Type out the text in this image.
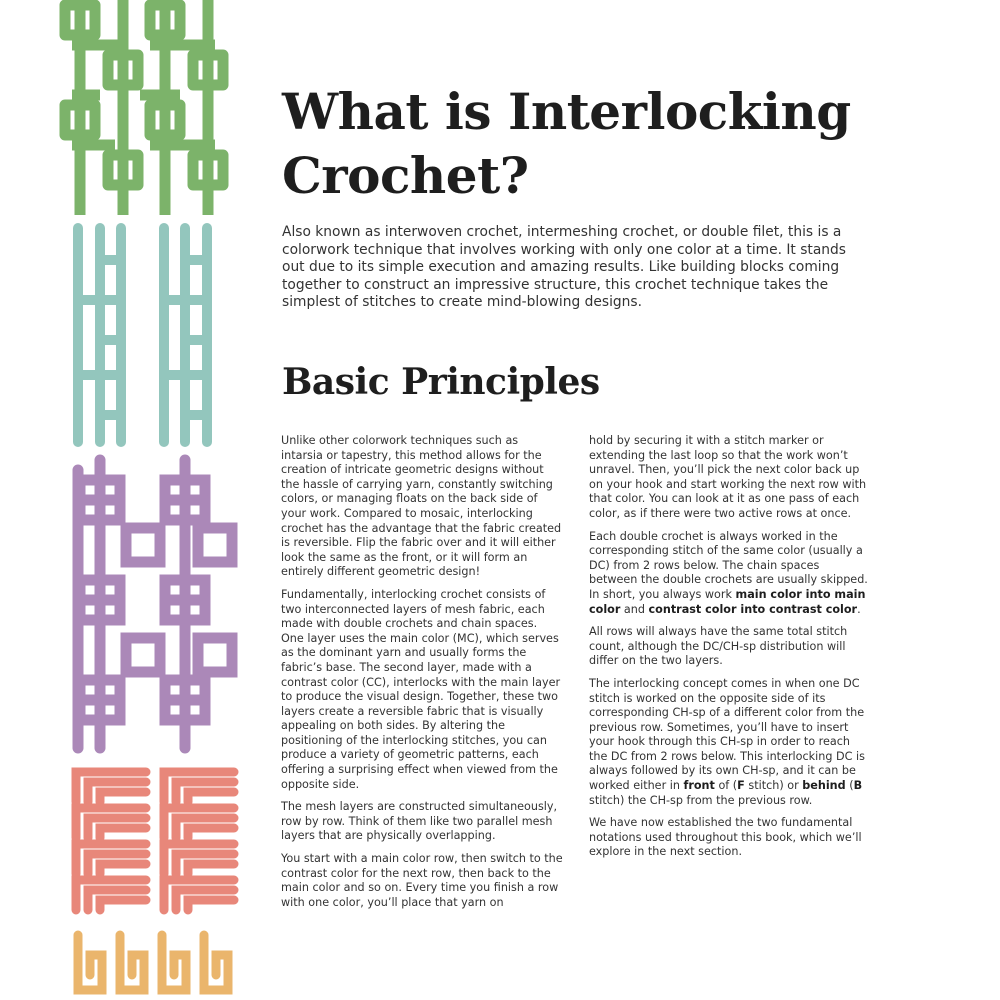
What is Interlocking Crochet?

Also known as interwoven crochet, intermeshing crochet, or double filet, this is a colorwork technique that involves working with only one color at a time. It stands out due to its simple execution and amazing results. Like building blocks coming together to construct an impressive structure, this crochet technique takes the simplest of stitches to create mind-blowing designs.

Basic Principles

Unlike other colorwork techniques such as intarsia or tapestry, this method allows for the creation of intricate geometric designs without the hassle of carrying yarn, constantly switching colors, or managing floats on the back side of your work. Compared to mosaic, interlocking crochet has the advantage that the fabric created is reversible. Flip the fabric over and it will either look the same as the front, or it will form an entirely different geometric design!

Fundamentally, interlocking crochet consists of two interconnected layers of mesh fabric, each made with double crochets and chain spaces. One layer uses the main color (MC), which serves as the dominant yarn and usually forms the fabric’s base. The second layer, made with a contrast color (CC), interlocks with the main layer to produce the visual design. Together, these two layers create a reversible fabric that is visually appealing on both sides. By altering the positioning of the interlocking stitches, you can produce a variety of geometric patterns, each offering a surprising effect when viewed from the opposite side.

The mesh layers are constructed simultaneously, row by row. Think of them like two parallel mesh layers that are physically overlapping.

You start with a main color row, then switch to the contrast color for the next row, then back to the main color and so on. Every time you finish a row with one color, you’ll place that yarn on

hold by securing it with a stitch marker or extending the last loop so that the work won’t unravel. Then, you’ll pick the next color back up on your hook and start working the next row with that color. You can look at it as one pass of each color, as if there were two active rows at once.

Each double crochet is always worked in the corresponding stitch of the same color (usually a DC) from 2 rows below. The chain spaces between the double crochets are usually skipped. In short, you always work main color into main color and contrast color into contrast color.

All rows will always have the same total stitch count, although the DC/CH-sp distribution will differ on the two layers.

The interlocking concept comes in when one DC stitch is worked on the opposite side of its corresponding CH-sp of a different color from the previous row. Sometimes, you’ll have to insert your hook through this CH-sp in order to reach the DC from 2 rows below. This interlocking DC is always followed by its own CH-sp, and it can be worked either in front of (F stitch) or behind (B stitch) the CH-sp from the previous row.

We have now established the two fundamental notations used throughout this book, which we’ll explore in the next section.
